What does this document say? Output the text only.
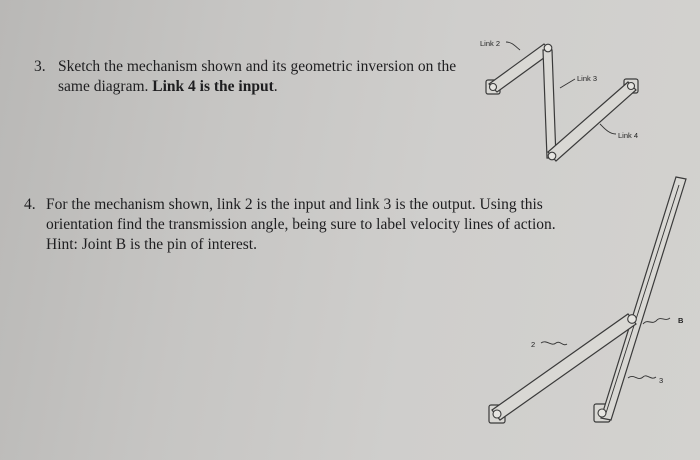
3. Sketch the mechanism shown and its geometric inversion on the
same diagram. Link 4 is the input.
4. For the mechanism shown, link 2 is the input and link 3 is the output. Using this
orientation find the transmission angle, being sure to label velocity lines of action.
Hint: Joint B is the pin of interest.
Link 2
Link 3
Link 4
2
B
3
